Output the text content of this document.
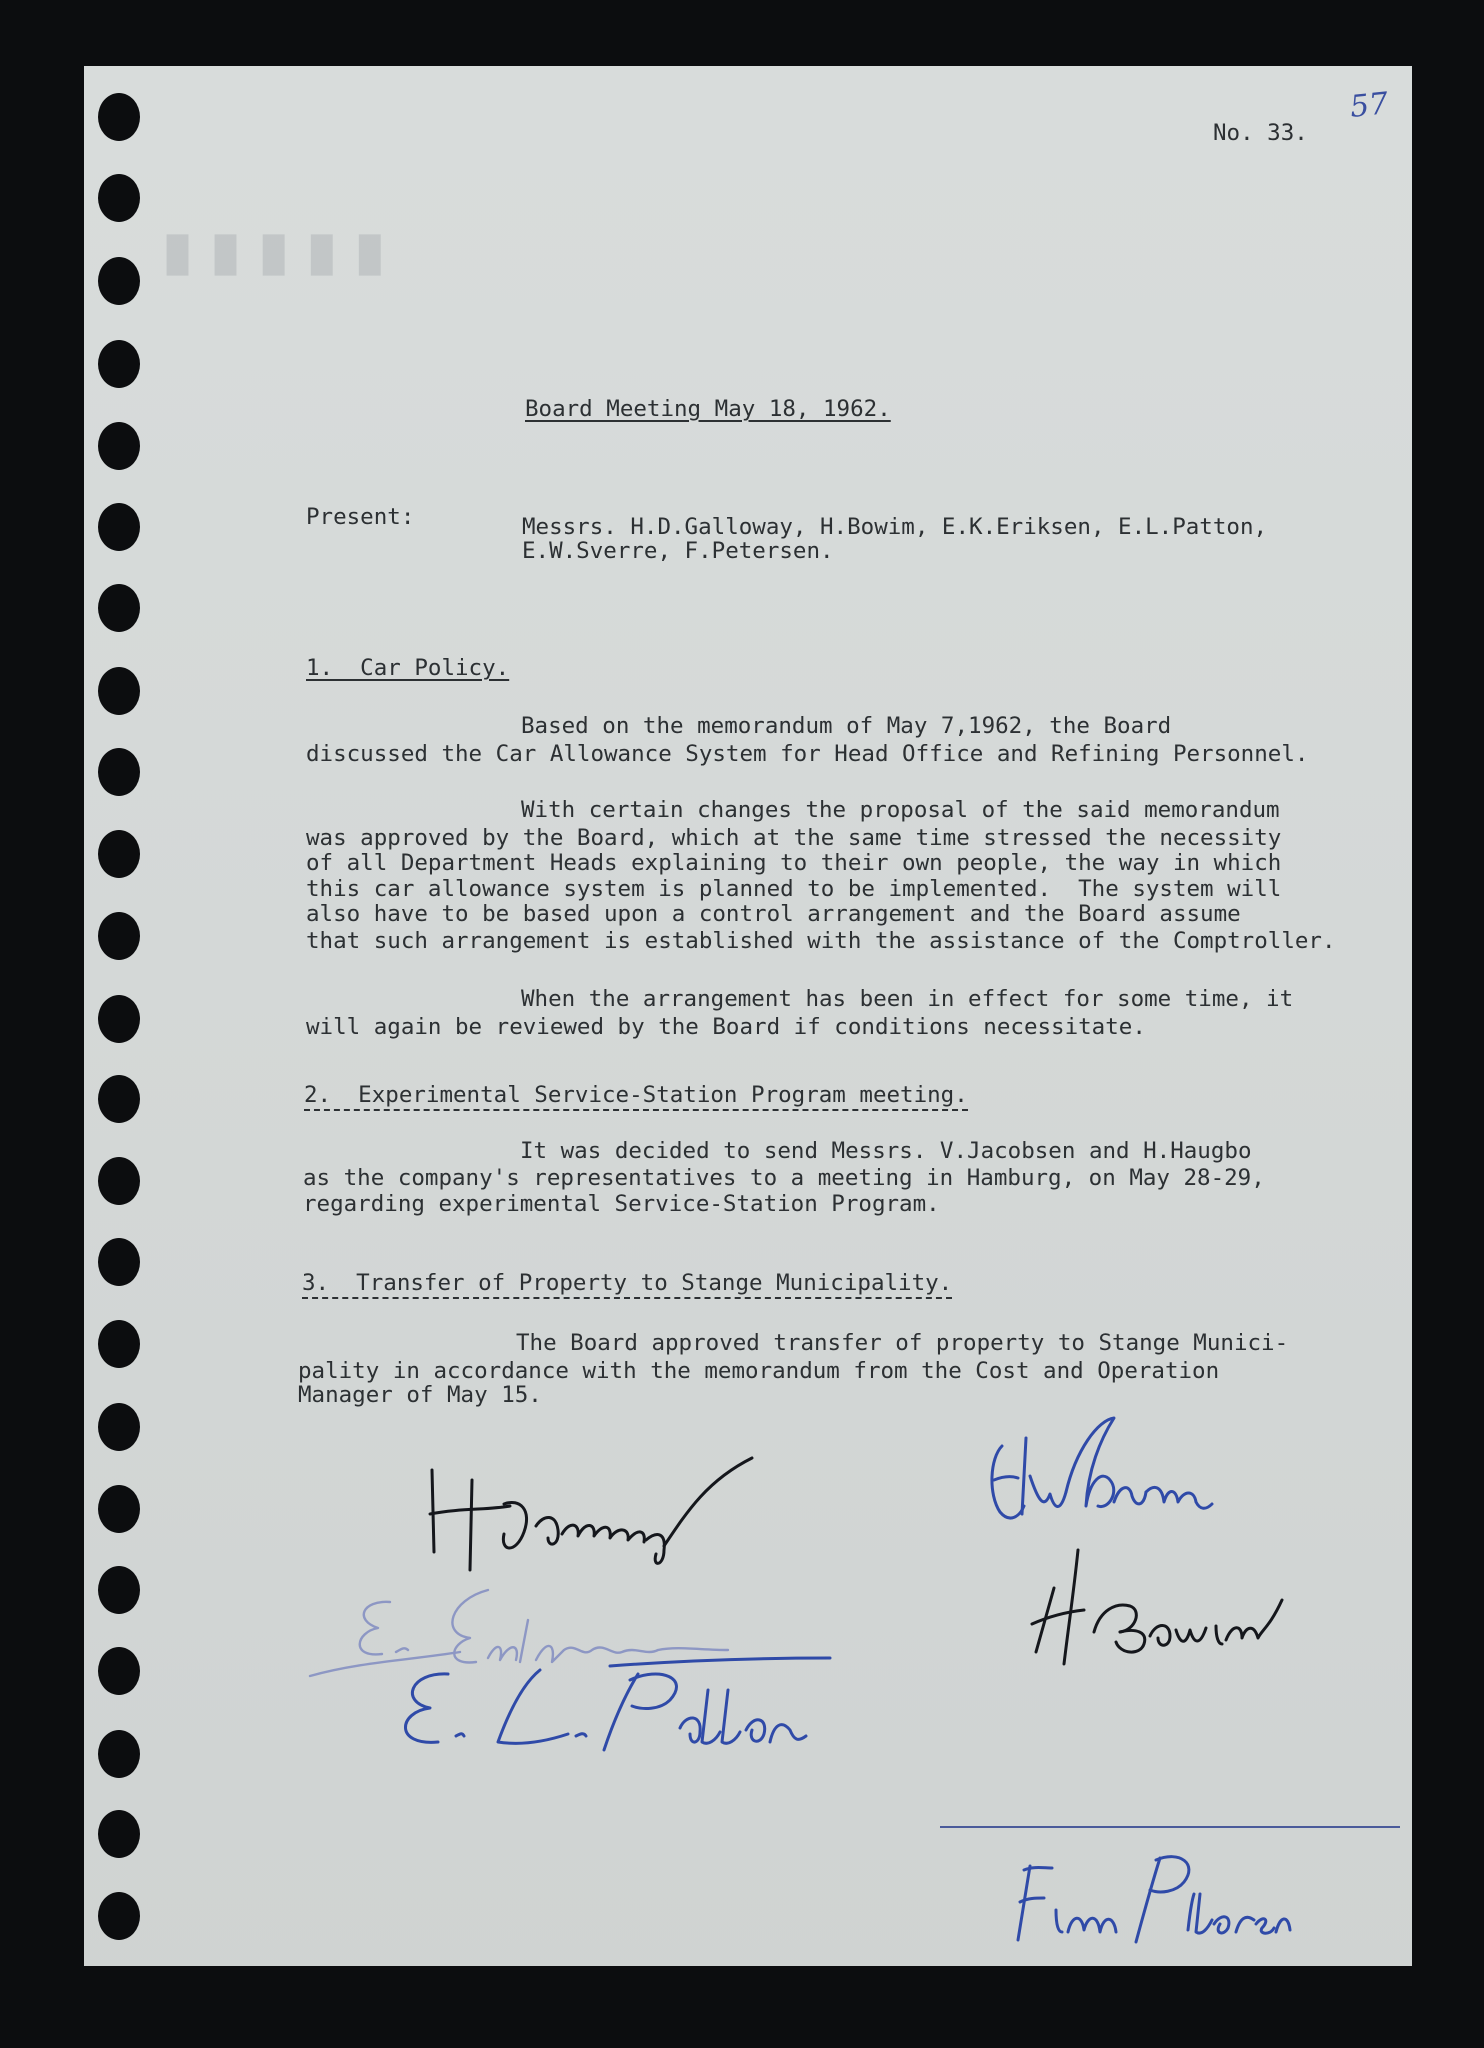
▮▮▮▮▮
No. 33.
57
Board Meeting May 18, 1962.
Present:	Messrs. H.D.Galloway, H.Bowim, E.K.Eriksen, E.L.Patton,
E.W.Sverre, F.Petersen.
1.  Car Policy.
Based on the memorandum of May 7,1962, the Board
discussed the Car Allowance System for Head Office and Refining Personnel.
With certain changes the proposal of the said memorandum
was approved by the Board, which at the same time stressed the necessity
of all Department Heads explaining to their own people, the way in which
this car allowance system is planned to be implemented.  The system will
also have to be based upon a control arrangement and the Board assume
that such arrangement is established with the assistance of the Comptroller.
When the arrangement has been in effect for some time, it
will again be reviewed by the Board if conditions necessitate.
2.  Experimental Service-Station Program meeting.
It was decided to send Messrs. V.Jacobsen and H.Haugbo
as the company's representatives to a meeting in Hamburg, on May 28-29,
regarding experimental Service-Station Program.
3.  Transfer of Property to Stange Municipality.
The Board approved transfer of property to Stange Munici-
pality in accordance with the memorandum from the Cost and Operation
Manager of May 15.
